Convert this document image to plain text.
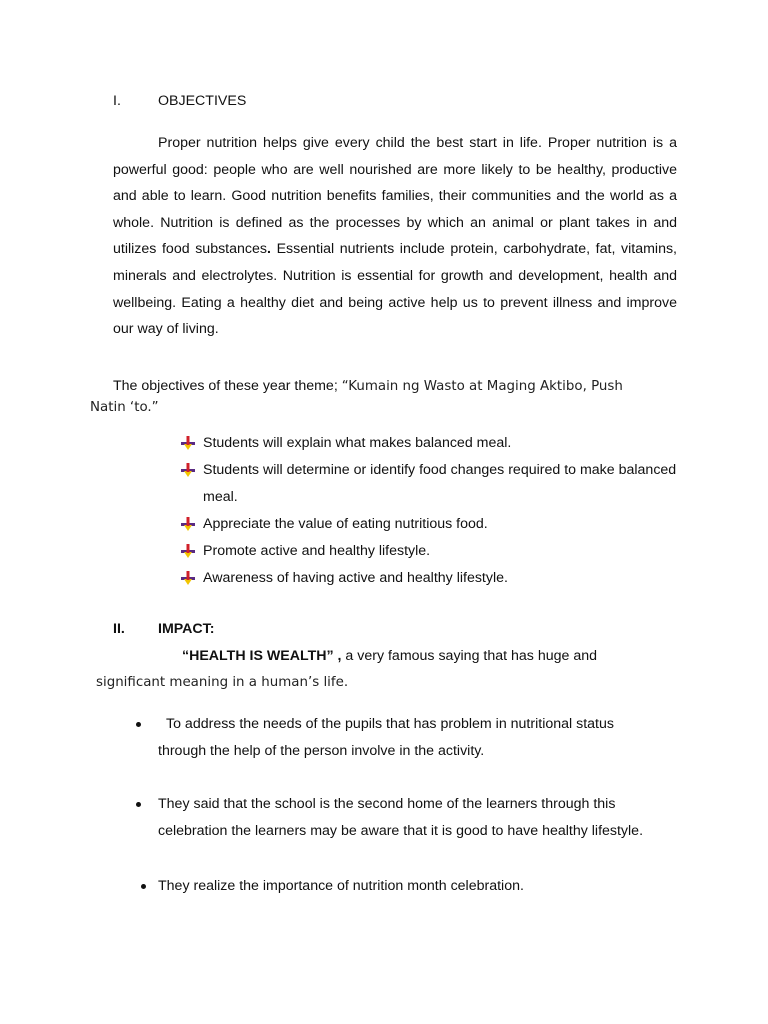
I.	OBJECTIVES

Proper nutrition helps give every child the best start in life. Proper nutrition is a powerful good: people who are well nourished are more likely to be healthy, productive and able to learn. Good nutrition benefits families, their communities and the world as a whole. Nutrition is defined as the processes by which an animal or plant takes in and utilizes food substances. Essential nutrients include protein, carbohydrate, fat, vitamins, minerals and electrolytes. Nutrition is essential for growth and development, health and wellbeing. Eating a healthy diet and being active help us to prevent illness and improve our way of living.

The objectives of these year theme; “Kumain ng Wasto at Maging Aktibo, Push
Natin ‘to.”
Students will explain what makes balanced meal.
Students will determine or identify food changes required to make balanced meal.
Appreciate the value of eating nutritious food.
Promote active and healthy lifestyle.
Awareness of having active and healthy lifestyle.
II. IMPACT:
“HEALTH IS WEALTH” , a very famous saying that has huge and
significant meaning in a human’s life.
To address the needs of the pupils that has problem in nutritional status through the help of the person involve in the activity.
They said that the school is the second home of the learners through this celebration the learners may be aware that it is good to have healthy lifestyle.
They realize the importance of nutrition month celebration.
